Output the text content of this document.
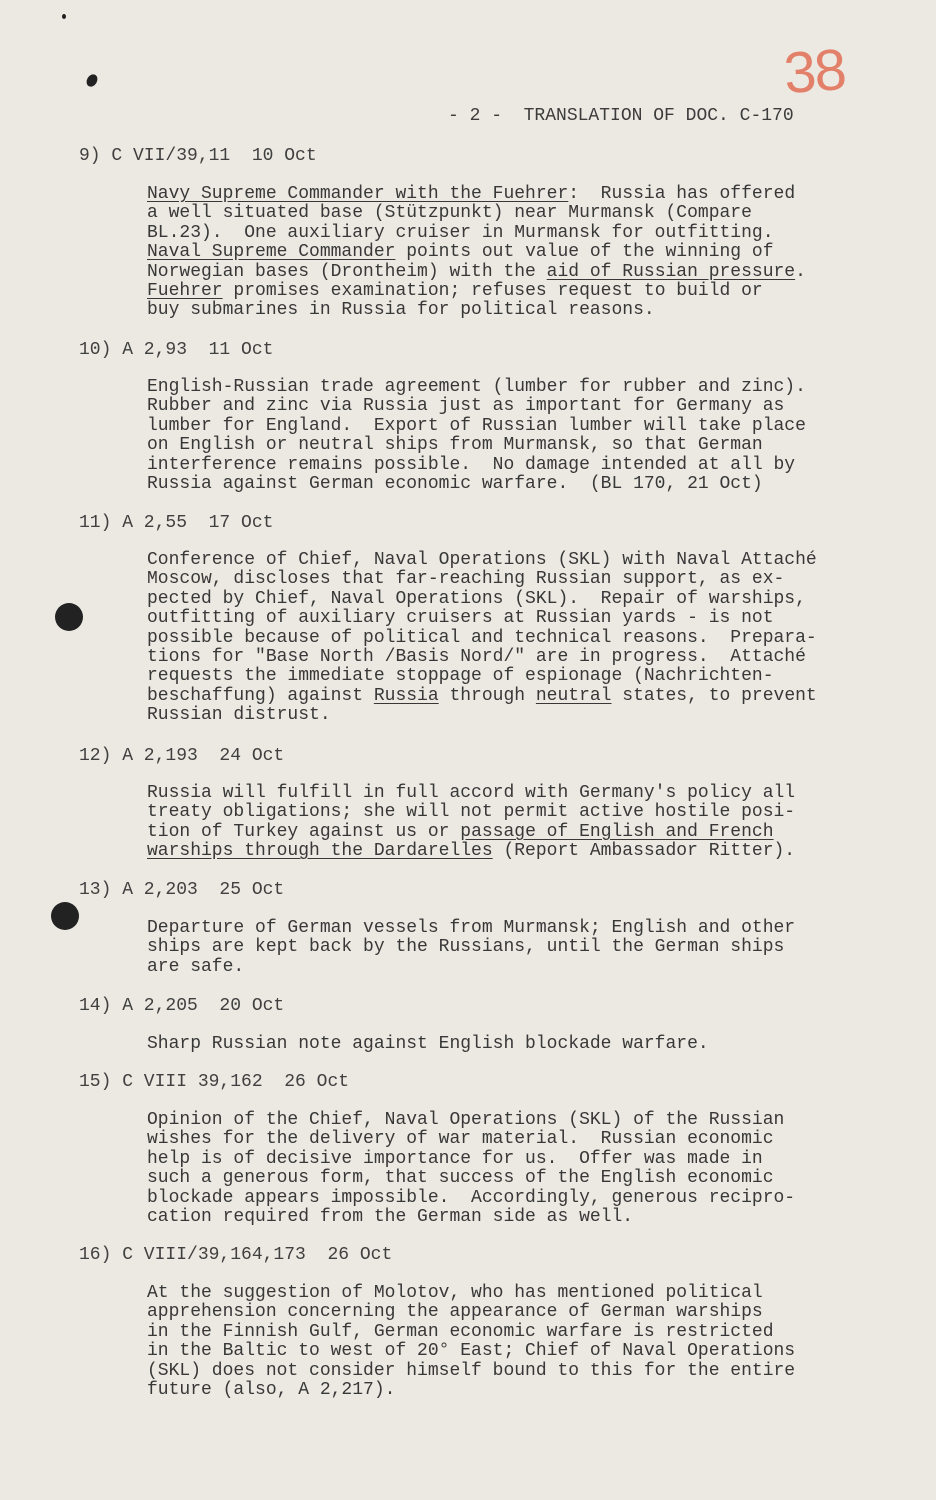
38
- 2 -  TRANSLATION OF DOC. C-170
9) C VII/39,11  10 Oct
Navy Supreme Commander with the Fuehrer:  Russia has offered
a well situated base (Stützpunkt) near Murmansk (Compare
BL.23).  One auxiliary cruiser in Murmansk for outfitting.
Naval Supreme Commander points out value of the winning of
Norwegian bases (Drontheim) with the aid of Russian pressure.
Fuehrer promises examination; refuses request to build or
buy submarines in Russia for political reasons.
10) A 2,93  11 Oct
English-Russian trade agreement (lumber for rubber and zinc).
Rubber and zinc via Russia just as important for Germany as
lumber for England.  Export of Russian lumber will take place
on English or neutral ships from Murmansk, so that German
interference remains possible.  No damage intended at all by
Russia against German economic warfare.  (BL 170, 21 Oct)
11) A 2,55  17 Oct
Conference of Chief, Naval Operations (SKL) with Naval Attaché
Moscow, discloses that far-reaching Russian support, as ex-
pected by Chief, Naval Operations (SKL).  Repair of warships,
outfitting of auxiliary cruisers at Russian yards - is not
possible because of political and technical reasons.  Prepara-
tions for "Base North /Basis Nord/" are in progress.  Attaché
requests the immediate stoppage of espionage (Nachrichten-
beschaffung) against Russia through neutral states, to prevent
Russian distrust.
12) A 2,193  24 Oct
Russia will fulfill in full accord with Germany's policy all
treaty obligations; she will not permit active hostile posi-
tion of Turkey against us or passage of English and French
warships through the Dardarelles (Report Ambassador Ritter).
13) A 2,203  25 Oct
Departure of German vessels from Murmansk; English and other
ships are kept back by the Russians, until the German ships
are safe.
14) A 2,205  20 Oct
Sharp Russian note against English blockade warfare.
15) C VIII 39,162  26 Oct
Opinion of the Chief, Naval Operations (SKL) of the Russian
wishes for the delivery of war material.  Russian economic
help is of decisive importance for us.  Offer was made in
such a generous form, that success of the English economic
blockade appears impossible.  Accordingly, generous recipro-
cation required from the German side as well.
16) C VIII/39,164,173  26 Oct
At the suggestion of Molotov, who has mentioned political
apprehension concerning the appearance of German warships
in the Finnish Gulf, German economic warfare is restricted
in the Baltic to west of 20° East; Chief of Naval Operations
(SKL) does not consider himself bound to this for the entire
future (also, A 2,217).
